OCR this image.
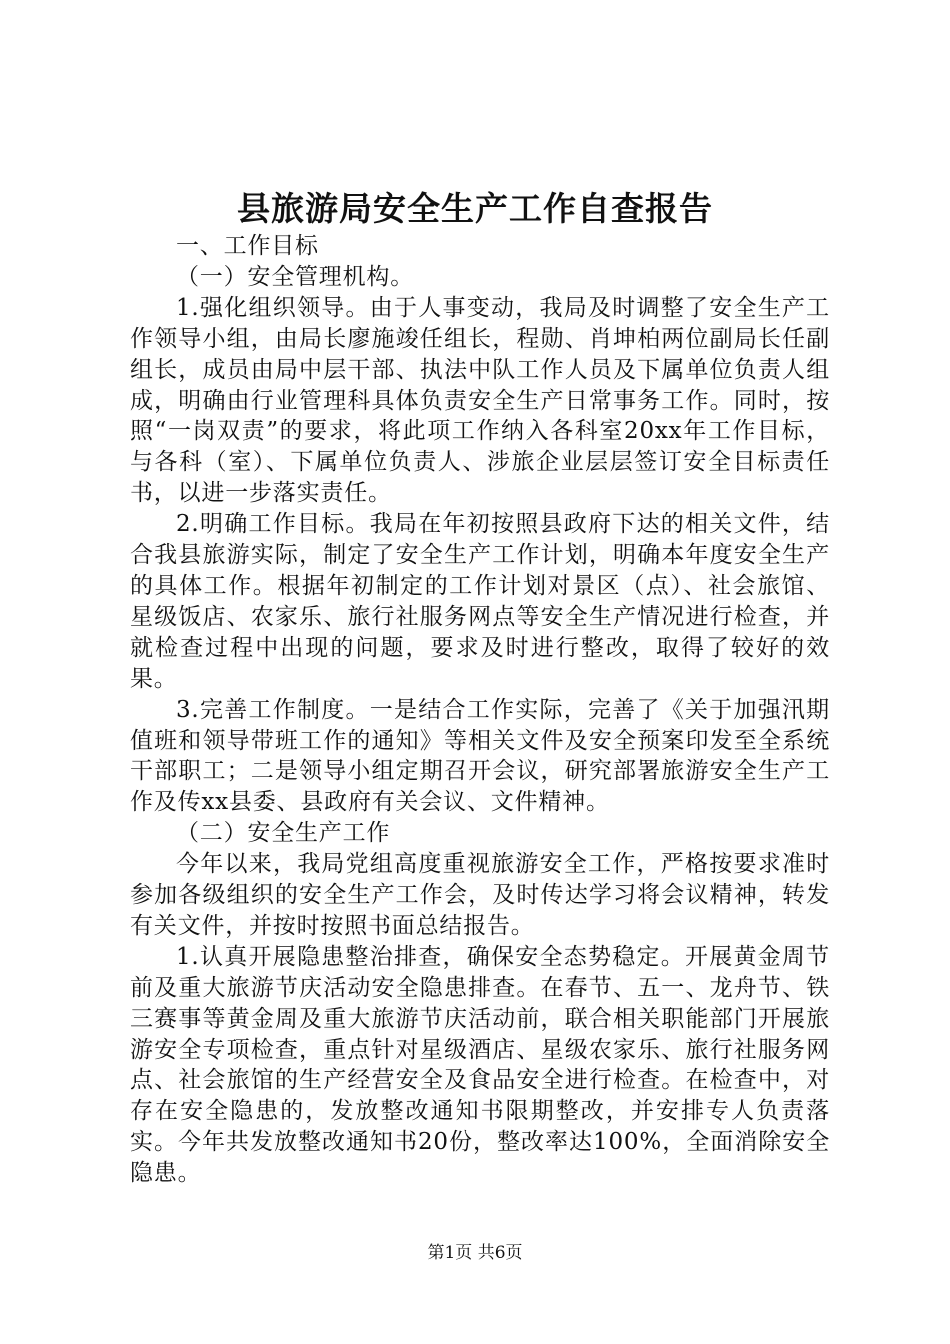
县旅游局安全生产工作自查报告

一、工作目标

（一）安全管理机构。

1.强化组织领导。由于人事变动，我局及时调整了安全生产工作领导小组，由局长廖施竣任组长，程勋、肖坤柏两位副局长任副组长，成员由局中层干部、执法中队工作人员及下属单位负责人组成，明确由行业管理科具体负责安全生产日常事务工作。同时，按照“一岗双责”的要求，将此项工作纳入各科室20xx年工作目标，与各科（室）、下属单位负责人、涉旅企业层层签订安全目标责任书，以进一步落实责任。

2.明确工作目标。我局在年初按照县政府下达的相关文件，结合我县旅游实际，制定了安全生产工作计划，明确本年度安全生产的具体工作。根据年初制定的工作计划对景区（点）、社会旅馆、星级饭店、农家乐、旅行社服务网点等安全生产情况进行检查，并就检查过程中出现的问题，要求及时进行整改，取得了较好的效果。

3.完善工作制度。一是结合工作实际，完善了《关于加强汛期值班和领导带班工作的通知》等相关文件及安全预案印发至全系统干部职工；二是领导小组定期召开会议，研究部署旅游安全生产工作及传xx县委、县政府有关会议、文件精神。

（二）安全生产工作

今年以来，我局党组高度重视旅游安全工作，严格按要求准时参加各级组织的安全生产工作会，及时传达学习将会议精神，转发有关文件，并按时按照书面总结报告。

1.认真开展隐患整治排查，确保安全态势稳定。开展黄金周节前及重大旅游节庆活动安全隐患排查。在春节、五一、龙舟节、铁三赛事等黄金周及重大旅游节庆活动前，联合相关职能部门开展旅游安全专项检查，重点针对星级酒店、星级农家乐、旅行社服务网点、社会旅馆的生产经营安全及食品安全进行检查。在检查中，对存在安全隐患的，发放整改通知书限期整改，并安排专人负责落实。今年共发放整改通知书20份，整改率达100%，全面消除安全隐患。

第1页 共6页
